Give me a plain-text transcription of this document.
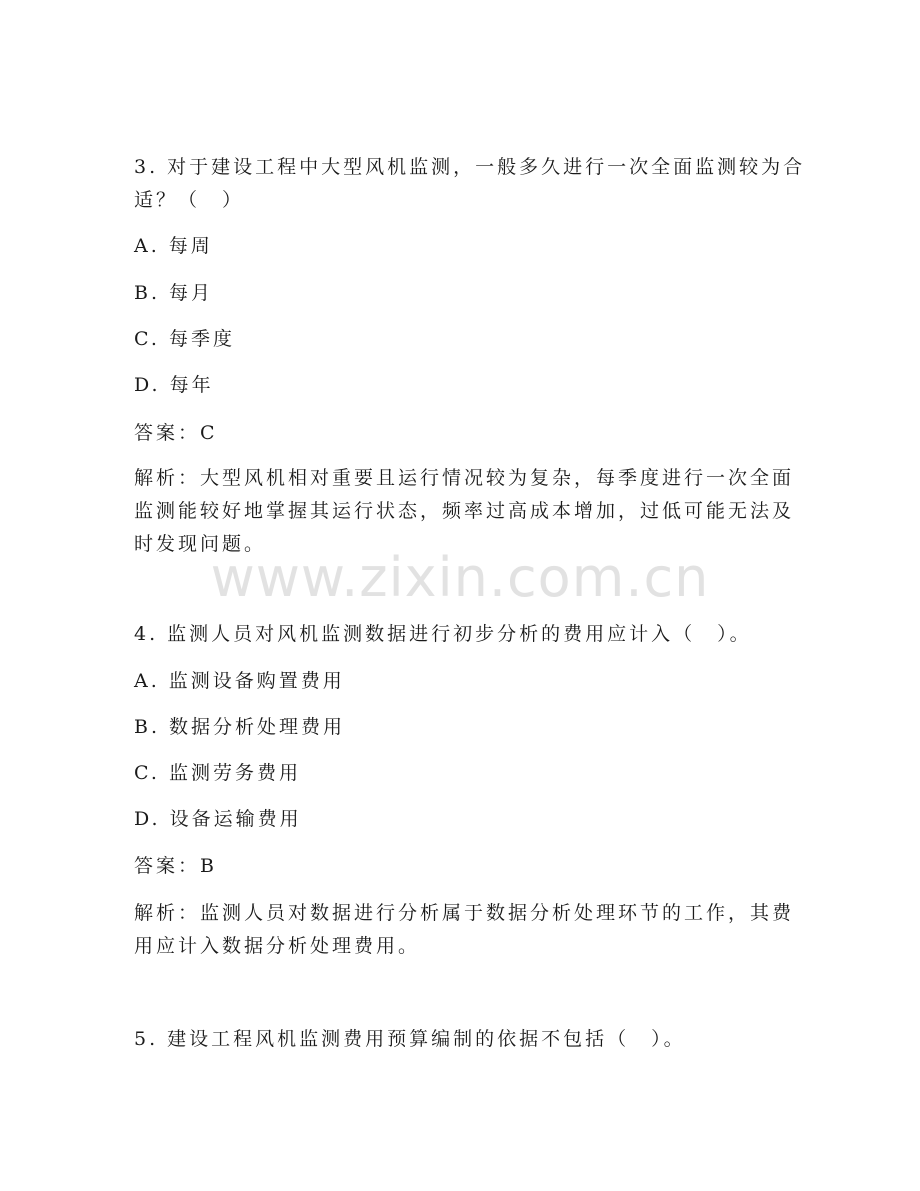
www.zixin.com.cn
3. 对于建设工程中大型风机监测，一般多久进行一次全面监测较为合
适？（　）
A. 每周
B. 每月
C. 每季度
D. 每年
答案：C
解析：大型风机相对重要且运行情况较为复杂，每季度进行一次全面
监测能较好地掌握其运行状态，频率过高成本增加，过低可能无法及
时发现问题。
4. 监测人员对风机监测数据进行初步分析的费用应计入（　）。
A. 监测设备购置费用
B. 数据分析处理费用
C. 监测劳务费用
D. 设备运输费用
答案：B
解析：监测人员对数据进行分析属于数据分析处理环节的工作，其费
用应计入数据分析处理费用。
5. 建设工程风机监测费用预算编制的依据不包括（　）。
